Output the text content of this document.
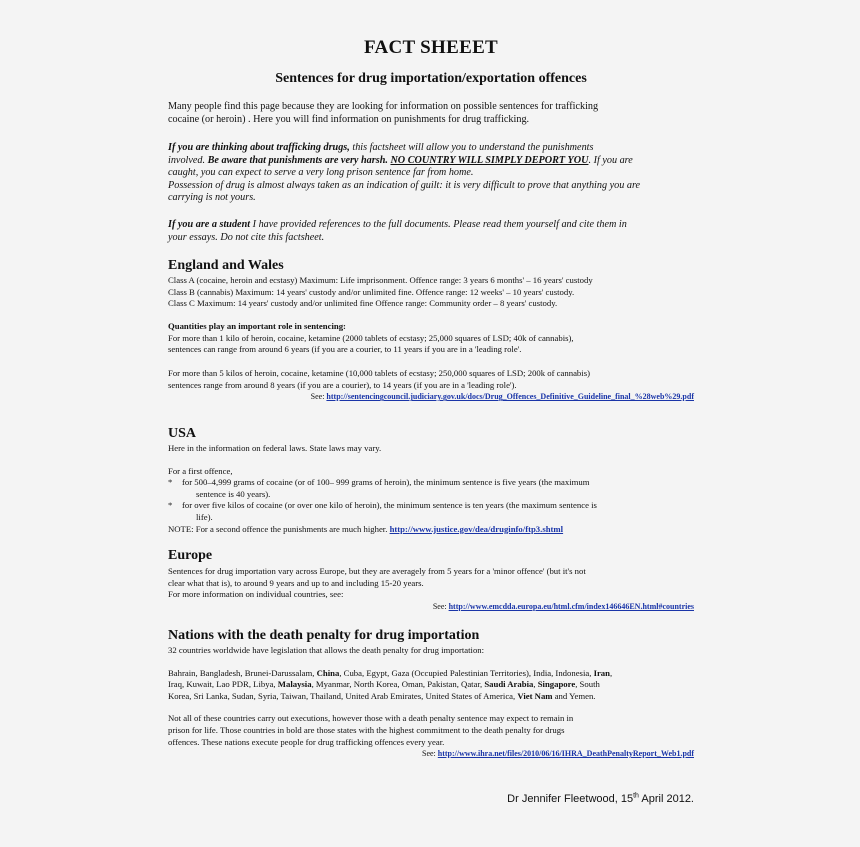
FACT SHEEET
Sentences for drug importation/exportation offences
Many people find this page because they are looking for information on possible sentences for trafficking
cocaine (or heroin) . Here you will find information on punishments for drug trafficking.
If you are thinking about trafficking drugs, this factsheet will allow you to understand the punishments
involved. Be aware that punishments are very harsh. NO COUNTRY WILL SIMPLY DEPORT YOU. If you are
caught, you can expect to serve a very long prison sentence far from home.
Possession of drug is almost always taken as an indication of guilt: it is very difficult to prove that anything you are
carrying is not yours.
If you are a student I have provided references to the full documents. Please read them yourself and cite them in
your essays. Do not cite this factsheet.
England and Wales
Class A (cocaine, heroin and ecstasy) Maximum: Life imprisonment. Offence range: 3 years 6 months' – 16 years' custody
Class B (cannabis) Maximum: 14 years' custody and/or unlimited fine. Offence range: 12 weeks' – 10 years' custody.
Class C Maximum: 14 years' custody and/or unlimited fine Offence range: Community order – 8 years' custody.
Quantities play an important role in sentencing:
For more than 1 kilo of heroin, cocaine, ketamine (2000 tablets of ecstasy; 25,000 squares of LSD; 40k of cannabis),
sentences can range from around 6 years (if you are a courier, to 11 years if you are in a 'leading role'.
For more than 5 kilos of heroin, cocaine, ketamine (10,000 tablets of ecstasy; 250,000 squares of LSD; 200k of cannabis)
sentences range from around 8 years (if you are a courier), to 14 years (if you are in a 'leading role').
See: http://sentencingcouncil.judiciary.gov.uk/docs/Drug_Offences_Definitive_Guideline_final_%28web%29.pdf
USA
Here in the information on federal laws. State laws may vary.
For a first offence,
* for 500–4,999 grams of cocaine (or of 100– 999 grams of heroin), the minimum sentence is five years (the maximum
sentence is 40 years).
* for over five kilos of cocaine (or over one kilo of heroin), the minimum sentence is ten years (the maximum sentence is
life).
NOTE: For a second offence the punishments are much higher. http://www.justice.gov/dea/druginfo/ftp3.shtml
Europe
Sentences for drug importation vary across Europe, but they are averagely from 5 years for a 'minor offence' (but it's not
clear what that is), to around 9 years and up to and including 15-20 years.
For more information on individual countries, see:
See: http://www.emcdda.europa.eu/html.cfm/index146646EN.html#countries
Nations with the death penalty for drug importation
32 countries worldwide have legislation that allows the death penalty for drug importation:
Bahrain, Bangladesh, Brunei-Darussalam, China, Cuba, Egypt, Gaza (Occupied Palestinian Territories), India, Indonesia, Iran,
Iraq, Kuwait, Lao PDR, Libya, Malaysia, Myanmar, North Korea, Oman, Pakistan, Qatar, Saudi Arabia, Singapore, South
Korea, Sri Lanka, Sudan, Syria, Taiwan, Thailand, United Arab Emirates, United States of America, Viet Nam and Yemen.
Not all of these countries carry out executions, however those with a death penalty sentence may expect to remain in
prison for life. Those countries in bold are those states with the highest commitment to the death penalty for drugs
offences. These nations execute people for drug trafficking offences every year.
See: http://www.ihra.net/files/2010/06/16/IHRA_DeathPenaltyReport_Web1.pdf
Dr Jennifer Fleetwood, 15th April 2012.
